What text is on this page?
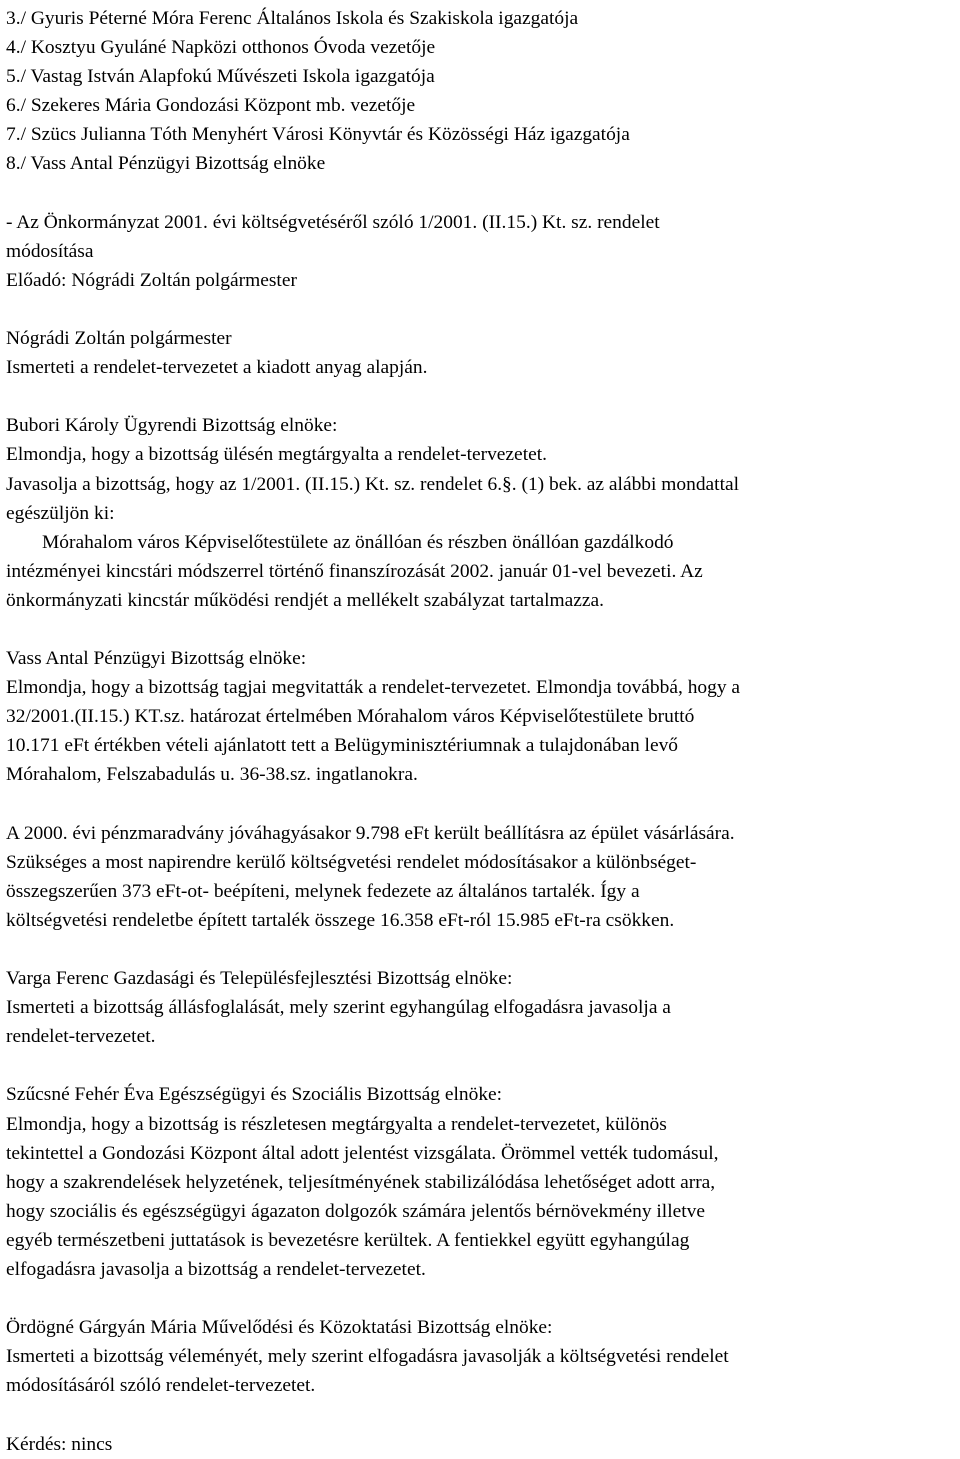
3./ Gyuris Péterné Móra Ferenc Általános Iskola és Szakiskola igazgatója
4./ Kosztyu Gyuláné Napközi otthonos Óvoda vezetője
5./ Vastag István Alapfokú Művészeti Iskola igazgatója
6./ Szekeres Mária Gondozási Központ mb. vezetője
7./ Szücs Julianna Tóth Menyhért Városi Könyvtár és Közösségi Ház igazgatója
8./ Vass Antal Pénzügyi Bizottság elnöke
- Az Önkormányzat 2001. évi költségvetéséről szóló 1/2001. (II.15.) Kt. sz. rendelet
módosítása
Előadó: Nógrádi Zoltán polgármester
Nógrádi Zoltán polgármester
Ismerteti a rendelet-tervezetet a kiadott anyag alapján.
Bubori Károly Ügyrendi Bizottság elnöke:
Elmondja, hogy a bizottság ülésén megtárgyalta a rendelet-tervezetet.
Javasolja a bizottság, hogy az 1/2001. (II.15.) Kt. sz. rendelet 6.§. (1) bek. az alábbi mondattal
egészüljön ki:
Mórahalom város Képviselőtestülete az önállóan és részben önállóan gazdálkodó
intézményei kincstári módszerrel történő finanszírozását 2002. január 01-vel bevezeti. Az
önkormányzati kincstár működési rendjét a mellékelt szabályzat tartalmazza.
Vass Antal Pénzügyi Bizottság elnöke:
Elmondja, hogy a bizottság tagjai megvitatták a rendelet-tervezetet. Elmondja továbbá, hogy a
32/2001.(II.15.) KT.sz. határozat értelmében Mórahalom város Képviselőtestülete bruttó
10.171 eFt értékben vételi ajánlatott tett a Belügyminisztériumnak a tulajdonában levő
Mórahalom, Felszabadulás u. 36-38.sz. ingatlanokra.
A 2000. évi pénzmaradvány jóváhagyásakor 9.798 eFt került beállításra az épület vásárlására.
Szükséges a most napirendre kerülő költségvetési rendelet módosításakor a különbséget-
összegszerűen 373 eFt-ot- beépíteni, melynek fedezete az általános tartalék. Így a
költségvetési rendeletbe épített tartalék összege 16.358 eFt-ról 15.985 eFt-ra csökken.
Varga Ferenc Gazdasági és Településfejlesztési Bizottság elnöke:
Ismerteti a bizottság állásfoglalását, mely szerint egyhangúlag elfogadásra javasolja a
rendelet-tervezetet.
Szűcsné Fehér Éva Egészségügyi és Szociális Bizottság elnöke:
Elmondja, hogy a bizottság is részletesen megtárgyalta a rendelet-tervezetet, különös
tekintettel a Gondozási Központ által adott jelentést vizsgálata. Örömmel vették tudomásul,
hogy a szakrendelések helyzetének, teljesítményének stabilizálódása lehetőséget adott arra,
hogy szociális és egészségügyi ágazaton dolgozók számára jelentős bérnövekmény illetve
egyéb természetbeni juttatások is bevezetésre kerültek. A fentiekkel együtt egyhangúlag
elfogadásra javasolja a bizottság a rendelet-tervezetet.
Ördögné Gárgyán Mária Művelődési és Közoktatási Bizottság elnöke:
Ismerteti a bizottság véleményét, mely szerint elfogadásra javasolják a költségvetési rendelet
módosításáról szóló rendelet-tervezetet.
Kérdés: nincs
